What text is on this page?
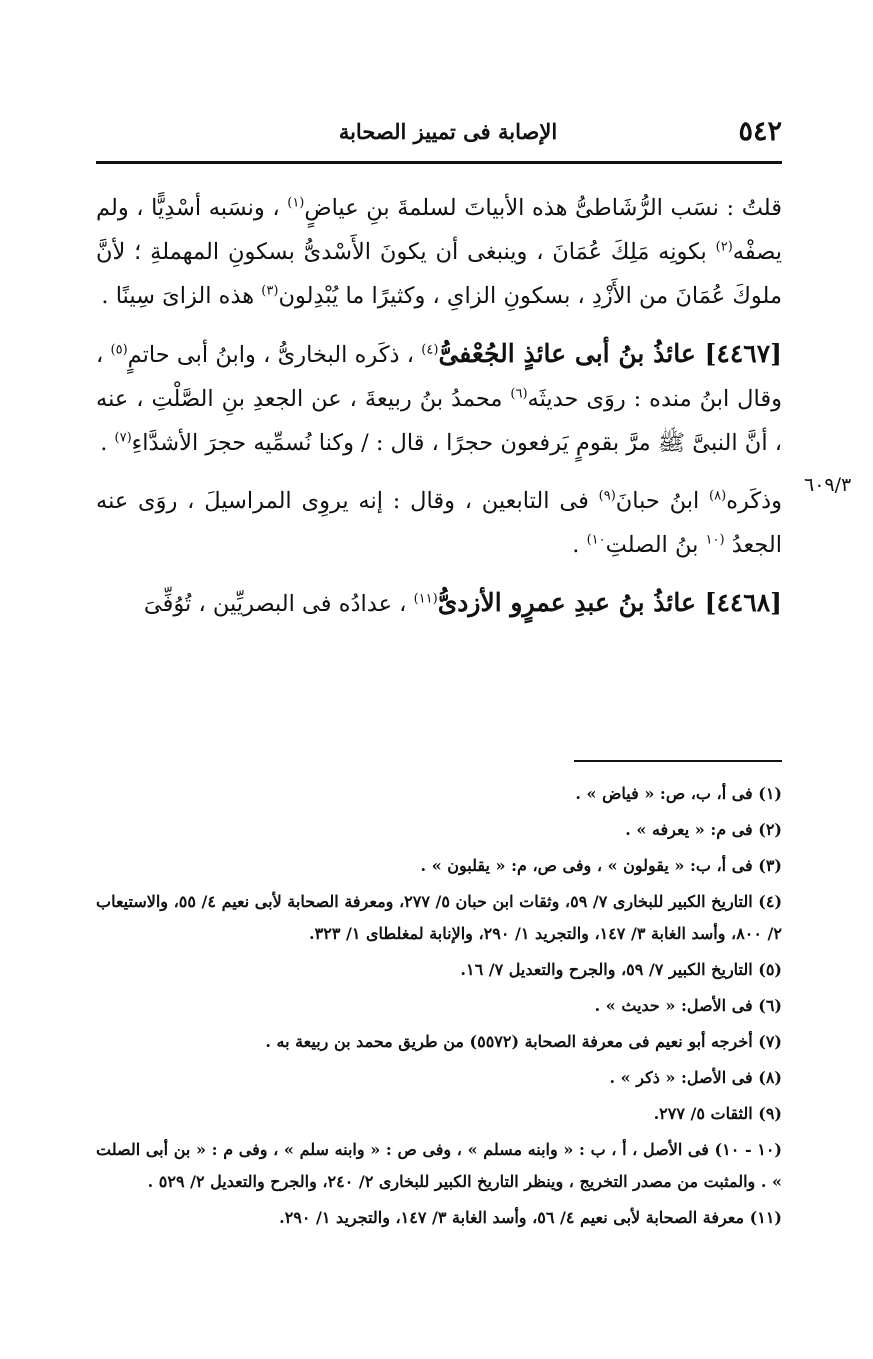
٥٤٢
الإصابة فى تمييز الصحابة

قلتُ : نسَب الرُّشَاطىُّ هذه الأبياتَ لسلمةَ بنِ عياضٍ$^{(١)}$ ، ونسَبه أسْدِيًّا ، ولم يصفْه$^{(٢)}$ بكونِه مَلِكَ عُمَانَ ، وينبغى أن يكونَ الأَسْدىُّ بسكونِ المهملةِ ؛ لأنَّ ملوكَ عُمَانَ من الأَزْدِ ، بسكونِ الزاىِ ، وكثيرًا ما يُبْدِلون$^{(٣)}$ هذه الزاىَ سِينًا .

[٤٤٦٧] عائذُ بنُ أبى عائذٍ الجُعْفىُّ$^{(٤)}$ ، ذكَره البخارىُّ ، وابنُ أبى حاتمٍ$^{(٥)}$ ، وقال ابنُ منده : روَى حديثَه$^{(٦)}$ محمدُ بنُ ربيعةَ ، عن الجعدِ بنِ الصَّلْتِ ، عنه ، أنَّ النبىَّ ﷺ مرَّ بقومٍ يَرفعون حجرًا ، قال : / وكنا نُسمِّيه حجرَ الأشدَّاءِ$^{(٧)}$ .

وذكَره$^{(٨)}$ ابنُ حبانَ$^{(٩)}$ فى التابعين ، وقال : إنه يروِى المراسيلَ ، روَى عنه الجعدُ $^{(١٠}$ بنُ الصلتِ$^{١٠)}$ .

[٤٤٦٨] عائذُ بنُ عبدِ عمرٍو الأزدىُّ$^{(١١)}$ ، عدادُه فى البصريِّين ، تُوُفِّىَ

٦٠٩/٣

(١) فى أ، ب، ص: « فياض » .

(٢) فى م: « يعرفه » .

(٣) فى أ، ب: « يقولون » ، وفى ص، م: « يقلبون » .

(٤) التاريخ الكبير للبخارى ٧/ ٥٩، وثقات ابن حبان ٥/ ٢٧٧، ومعرفة الصحابة لأبى نعيم ٤/ ٥٥، والاستيعاب ٢/ ٨٠٠، وأسد الغابة ٣/ ١٤٧، والتجريد ١/ ٢٩٠، والإنابة لمغلطاى ١/ ٣٢٣.

(٥) التاريخ الكبير ٧/ ٥٩، والجرح والتعديل ٧/ ١٦.

(٦) فى الأصل: « حديث » .

(٧) أخرجه أبو نعيم فى معرفة الصحابة (٥٥٧٢) من طريق محمد بن ربيعة به .

(٨) فى الأصل: « ذكر » .

(٩) الثقات ٥/ ٢٧٧.

(١٠ - ١٠) فى الأصل ، أ ، ب : « وابنه مسلم » ، وفى ص : « وابنه سلم » ، وفى م : « بن أبى الصلت » . والمثبت من مصدر التخريج ، وينظر التاريخ الكبير للبخارى ٢/ ٢٤٠، والجرح والتعديل ٢/ ٥٢٩ .

(١١) معرفة الصحابة لأبى نعيم ٤/ ٥٦، وأسد الغابة ٣/ ١٤٧، والتجريد ١/ ٢٩٠.
